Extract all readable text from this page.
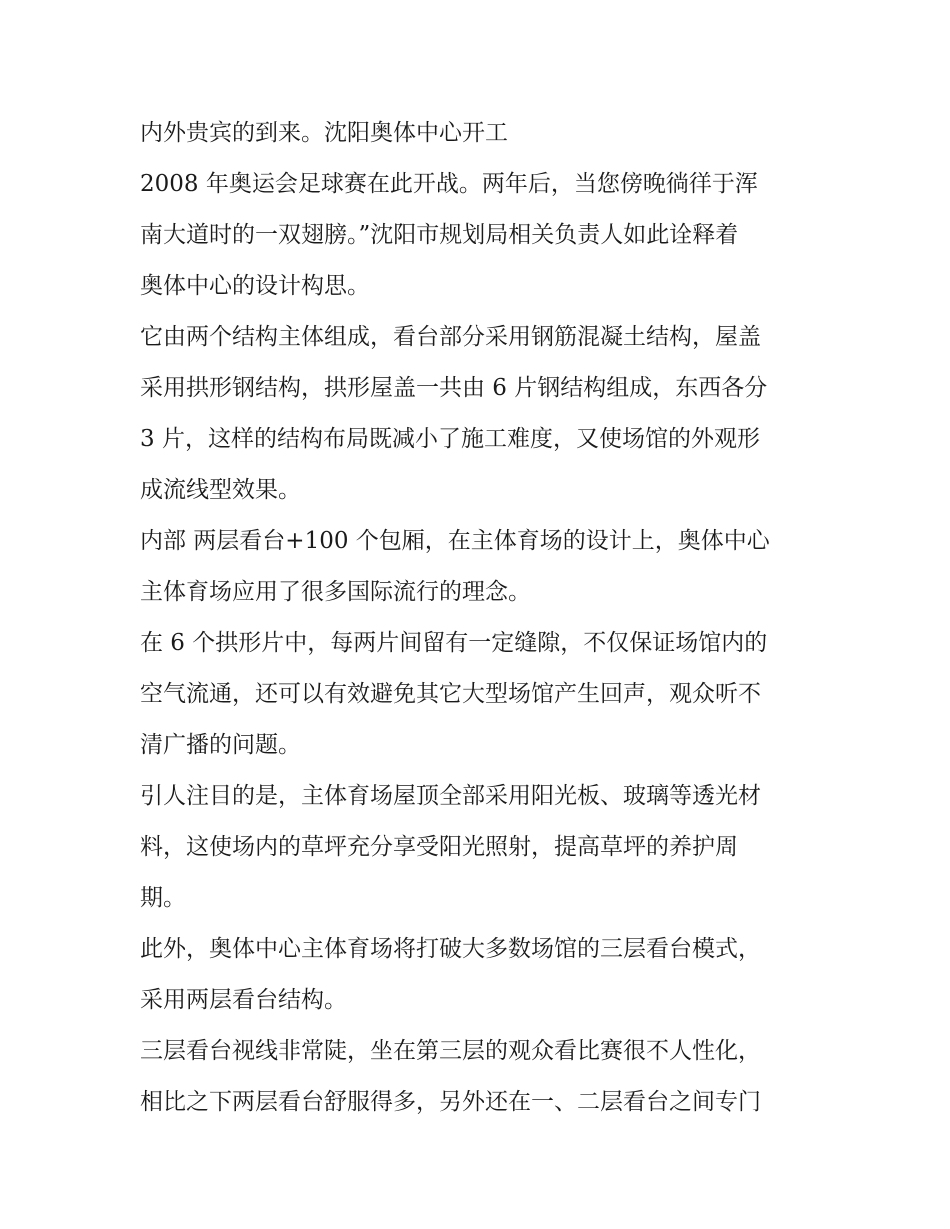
内外贵宾的到来。沈阳奥体中心开工
2008 年奥运会足球赛在此开战。两年后，当您傍晚徜徉于浑
南大道时的一双翅膀。”沈阳市规划局相关负责人如此诠释着
奥体中心的设计构思。
它由两个结构主体组成，看台部分采用钢筋混凝土结构，屋盖
采用拱形钢结构，拱形屋盖一共由 6 片钢结构组成，东西各分
3 片，这样的结构布局既减小了施工难度，又使场馆的外观形
成流线型效果。
内部 两层看台+100 个包厢，在主体育场的设计上，奥体中心
主体育场应用了很多国际流行的理念。
在 6 个拱形片中，每两片间留有一定缝隙，不仅保证场馆内的
空气流通，还可以有效避免其它大型场馆产生回声，观众听不
清广播的问题。
引人注目的是，主体育场屋顶全部采用阳光板、玻璃等透光材
料，这使场内的草坪充分享受阳光照射，提高草坪的养护周
期。
此外，奥体中心主体育场将打破大多数场馆的三层看台模式，
采用两层看台结构。
三层看台视线非常陡，坐在第三层的观众看比赛很不人性化，
相比之下两层看台舒服得多，另外还在一、二层看台之间专门
